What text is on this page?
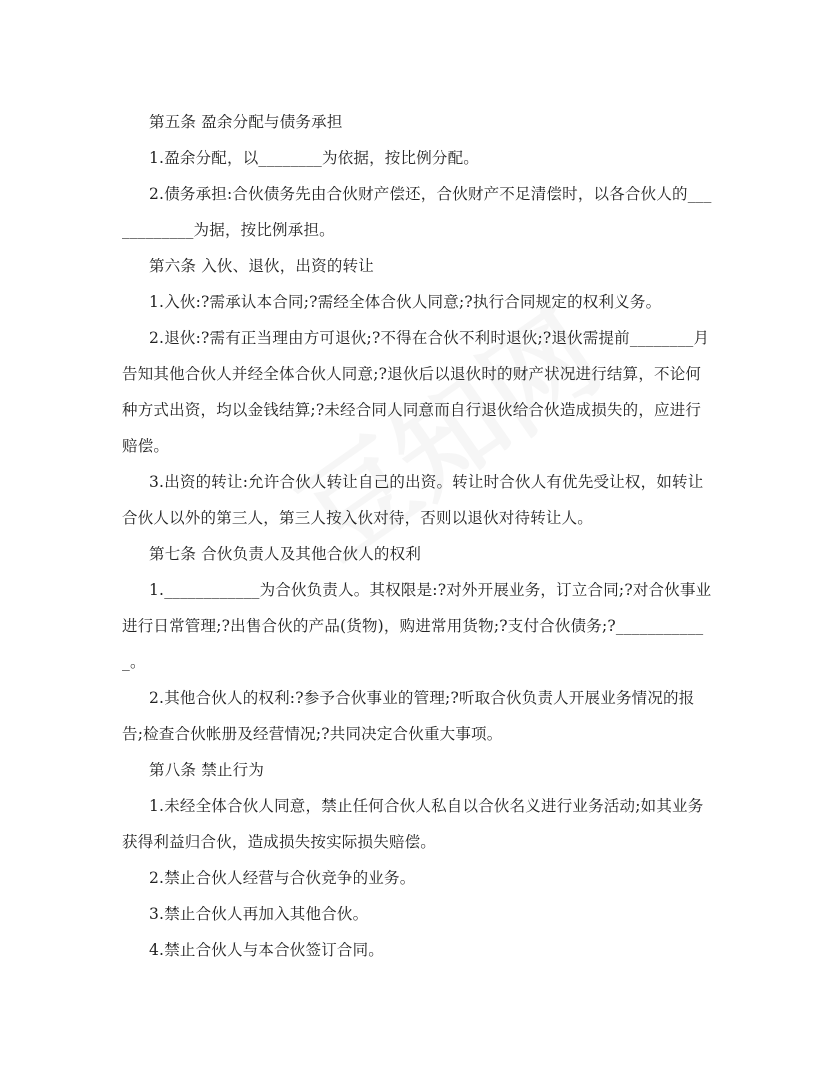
第五条 盈余分配与债务承担

1.盈余分配，以________为依据，按比例分配。

2.债务承担:合伙债务先由合伙财产偿还，合伙财产不足清偿时，以各合伙人的____________为据，按比例承担。

第六条 入伙、退伙，出资的转让

1.入伙:?需承认本合同;?需经全体合伙人同意;?执行合同规定的权利义务。

2.退伙:?需有正当理由方可退伙;?不得在合伙不利时退伙;?退伙需提前________月告知其他合伙人并经全体合伙人同意;?退伙后以退伙时的财产状况进行结算，不论何种方式出资，均以金钱结算;?未经合同人同意而自行退伙给合伙造成损失的，应进行赔偿。

3.出资的转让:允许合伙人转让自己的出资。转让时合伙人有优先受让权，如转让合伙人以外的第三人，第三人按入伙对待，否则以退伙对待转让人。

第七条 合伙负责人及其他合伙人的权利

1.____________为合伙负责人。其权限是:?对外开展业务，订立合同;?对合伙事业进行日常管理;?出售合伙的产品(货物)，购进常用货物;?支付合伙债务;?____________。

2.其他合伙人的权利:?参予合伙事业的管理;?听取合伙负责人开展业务情况的报告;检查合伙帐册及经营情况;?共同决定合伙重大事项。

第八条 禁止行为

1.未经全体合伙人同意，禁止任何合伙人私自以合伙名义进行业务活动;如其业务获得利益归合伙，造成损失按实际损失赔偿。

2.禁止合伙人经营与合伙竞争的业务。

3.禁止合伙人再加入其他合伙。

4.禁止合伙人与本合伙签订合同。
